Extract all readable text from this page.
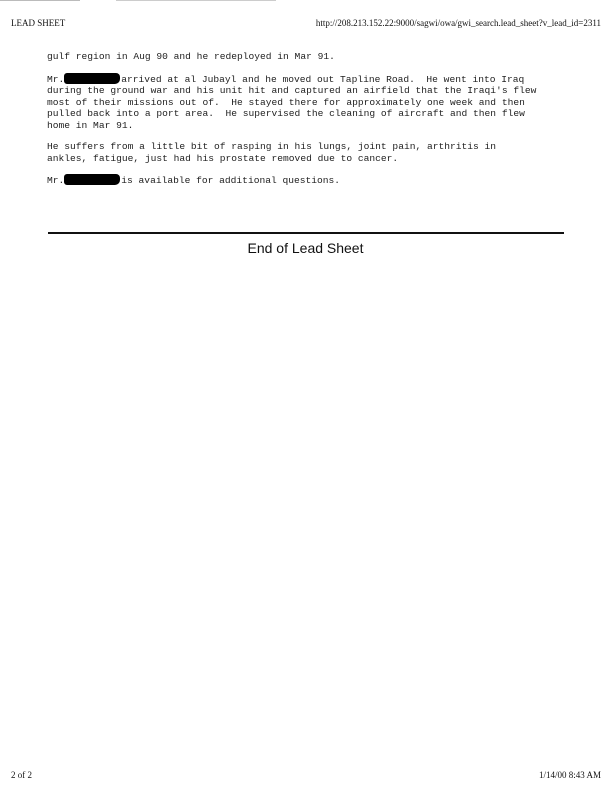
LEAD SHEET	http://208.213.152.22:9000/sagwi/owa/gwi_search.lead_sheet?v_lead_id=2311

gulf region in Aug 90 and he redeployed in Mar 91.

Mr.	arrived at al Jubayl and he moved out Tapline Road.  He went into Iraq
during the ground war and his unit hit and captured an airfield that the Iraqi's flew
most of their missions out of.  He stayed there for approximately one week and then
pulled back into a port area.  He supervised the cleaning of aircraft and then flew
home in Mar 91.

He suffers from a little bit of rasping in his lungs, joint pain, arthritis in
ankles, fatigue, just had his prostate removed due to cancer.

Mr.	is available for additional questions.

End of Lead Sheet
2 of 2	1/14/00 8:43 AM
